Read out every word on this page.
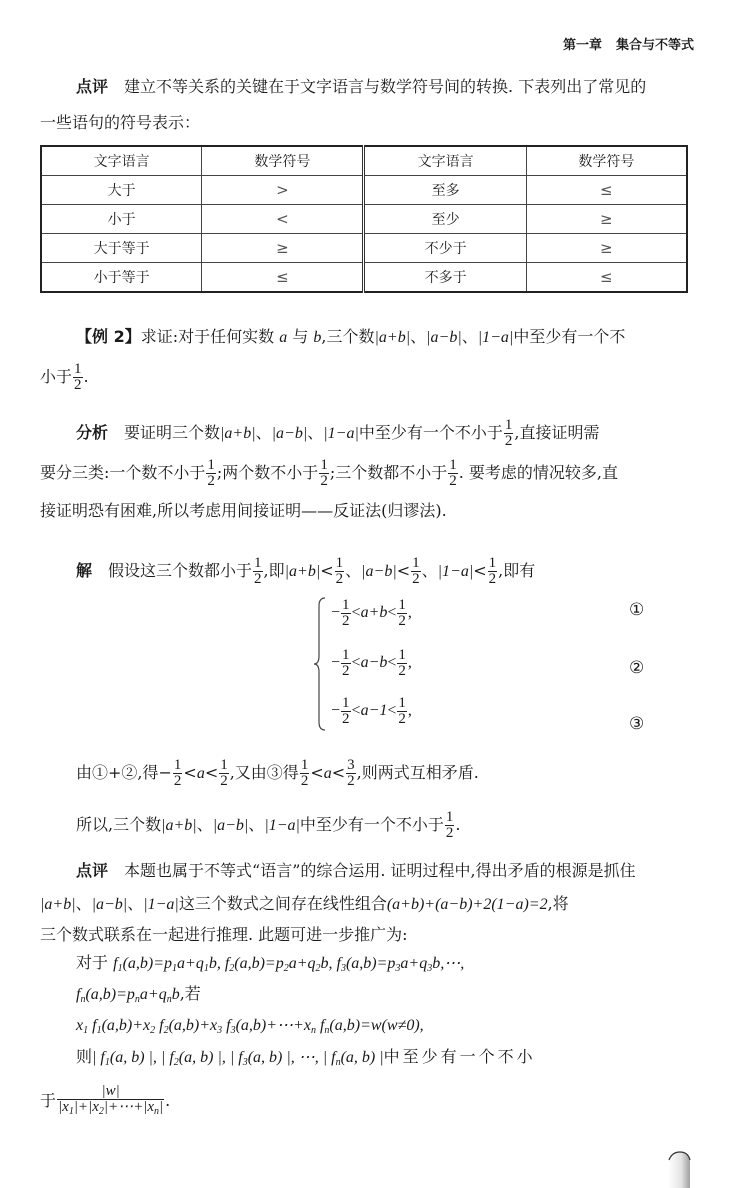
第一章 集合与不等式
点评 建立不等关系的关键在于文字语言与数学符号间的转换. 下表列出了常见的
一些语句的符号表示：
文字语言	数学符号	文字语言	数学符号
大于	>	至多	≤
小于	<	至少	≥
大于等于	≥	不少于	≥
小于等于	≤	不多于	≤
【例 2】求证:对于任何实数 a 与 b,三个数|a+b|、|a−b|、|1−a|中至少有一个不
小于 $\frac{1}{2}$ .
分析 要证明三个数|a+b|、|a−b|、|1−a|中至少有一个不小于 $\frac{1}{2}$ ,直接证明需
要分三类:一个数不小于 $\frac{1}{2}$ ;两个数不小于 $\frac{1}{2}$ ;三个数都不小于 $\frac{1}{2}$ . 要考虑的情况较多,直
接证明恐有困难,所以考虑用间接证明——反证法(归谬法).
解 假设这三个数都小于 $\frac{1}{2}$ ,即$|a+b|< \frac{1}{2}$ 、$|a-b|< \frac{1}{2}$ 、$|1-a|< \frac{1}{2}$ ,即有
− $\frac{1}{2} <a+b< \frac{1}{2}$ ,	①
− $\frac{1}{2} <a-b< \frac{1}{2}$ ,	②
− $\frac{1}{2} <a-1< \frac{1}{2}$ ,
③
由①+②,得− $\frac{1}{2} <a< \frac{1}{2}$ ,又由③得 $\frac{1}{2} <a< \frac{3}{2}$ ,则两式互相矛盾.
所以,三个数|a+b|、|a−b|、|1−a|中至少有一个不小于 $\frac{1}{2}$ .
点评 本题也属于不等式“语言”的综合运用. 证明过程中,得出矛盾的根源是抓住
|a+b|、|a−b|、|1−a|这三个数式之间存在线性组合(a+b)+(a−b)+2(1−a)=2,将
三个数式联系在一起进行推理. 此题可进一步推广为:
对于 $f_1(a,b)=p_1a+q_1b$, $f_2(a,b)=p_2a+q_2b$, $f_3(a,b)=p_3a+q_3b,\cdots$,
$f_n(a,b)=p_na+q_nb$,若
$x_1$ $f_1(a,b)+x_2$ $f_2(a,b)+x_3$ $f_3(a,b)+\cdots+x_n$ $f_n(a,b)=w(w\ne 0)$,
则| $f_1(a$, b) |, | $f_2(a$, b) |, | $f_3(a$, b) |, ⋯, | $f_n(a$, b) |中至少有一个不小
于 $\frac{|w|}{|x_1|+|x_2|+\cdots+|x_n|}$ .
